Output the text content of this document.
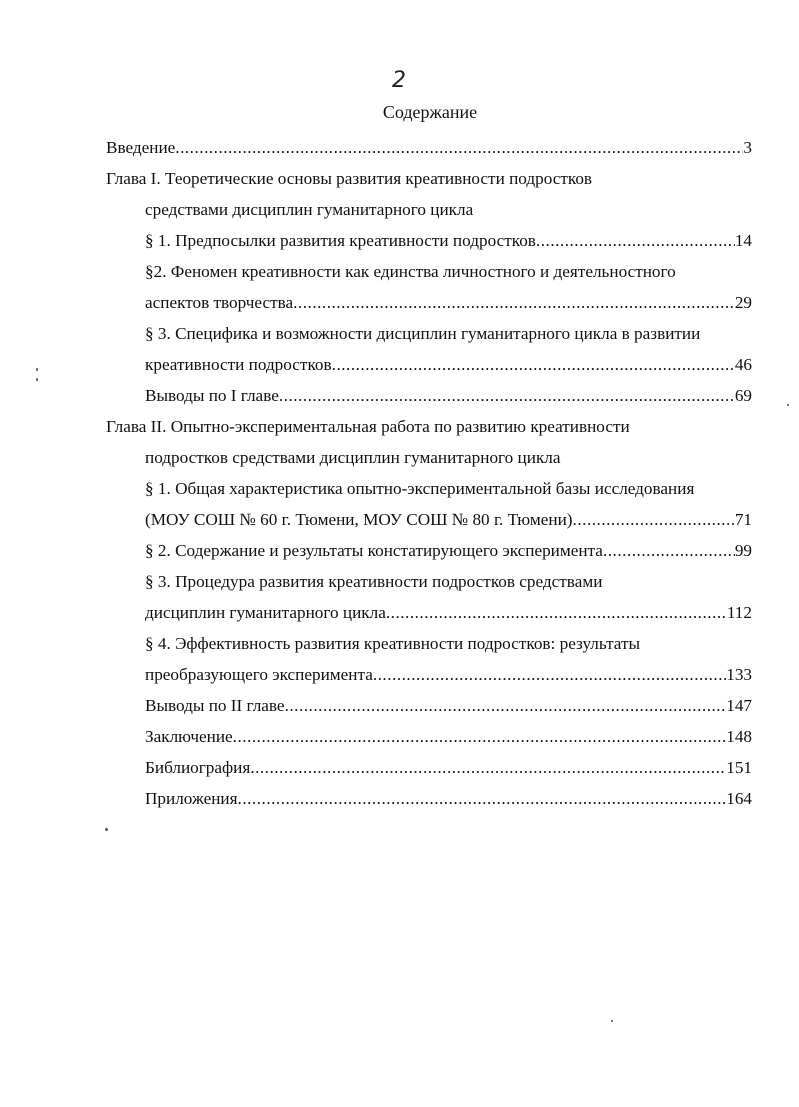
2
Содержание
Введение .....	3
Глава I. Теоретические основы развития креативности подростков
средствами дисциплин гуманитарного цикла
§ 1. Предпосылки развития креативности подростков .....	14
§2. Феномен креативности как единства личностного и деятельностного
аспектов творчества .....	29
§ 3. Специфика и возможности дисциплин гуманитарного цикла в развитии
креативности подростков .....	46
Выводы по I главе .....	69
Глава II. Опытно-экспериментальная работа по развитию креативности
подростков средствами дисциплин гуманитарного цикла
§ 1. Общая характеристика опытно-экспериментальной базы исследования
(МОУ СОШ № 60 г. Тюмени, МОУ СОШ № 80 г. Тюмени) .....	71
§ 2. Содержание и результаты констатирующего эксперимента .....	99
§ 3. Процедура развития креативности подростков средствами
дисциплин гуманитарного цикла .....	112
§ 4. Эффективность развития креативности подростков: результаты
преобразующего эксперимента .....	133
Выводы по II главе .....	147
Заключение .....	148
Библиография .....	151
Приложения .....	164
